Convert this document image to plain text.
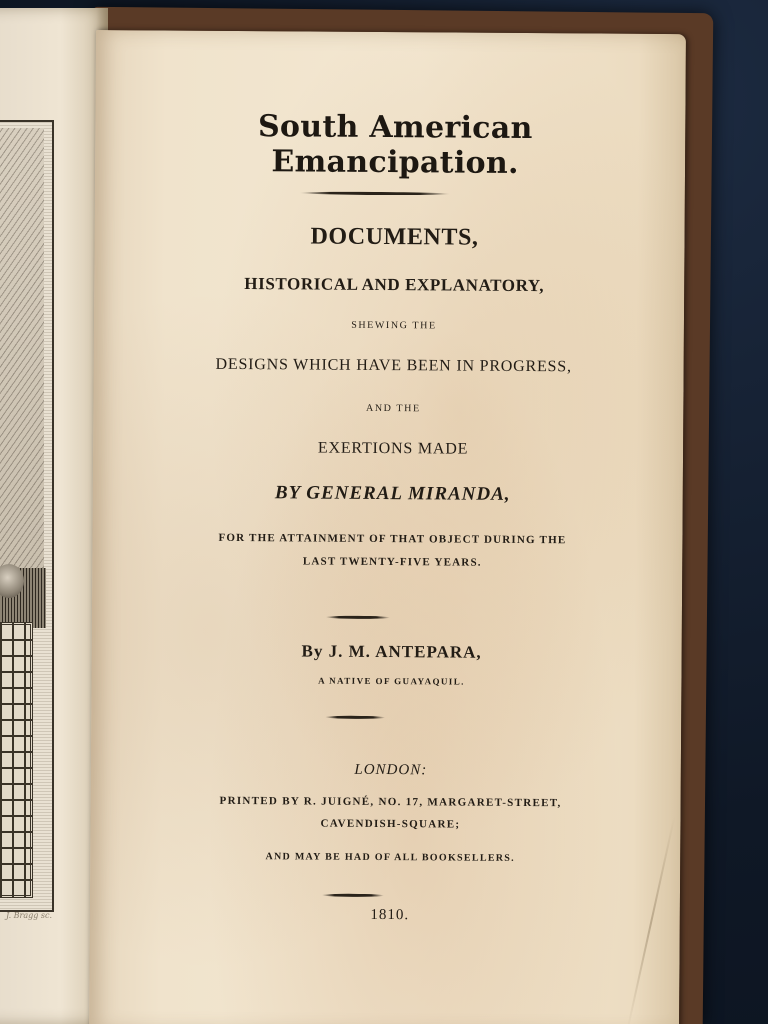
J. Bragg sc.
South American Emancipation.
DOCUMENTS,
HISTORICAL AND EXPLANATORY,
SHEWING THE
DESIGNS WHICH HAVE BEEN IN PROGRESS,
AND THE
EXERTIONS MADE
BY GENERAL MIRANDA,
FOR THE ATTAINMENT OF THAT OBJECT DURING THE
LAST TWENTY-FIVE YEARS.
By J. M. ANTEPARA,
A NATIVE OF GUAYAQUIL.
LONDON:
PRINTED BY R. JUIGNÉ, NO. 17, MARGARET-STREET,
CAVENDISH-SQUARE;
AND MAY BE HAD OF ALL BOOKSELLERS.
1810.
